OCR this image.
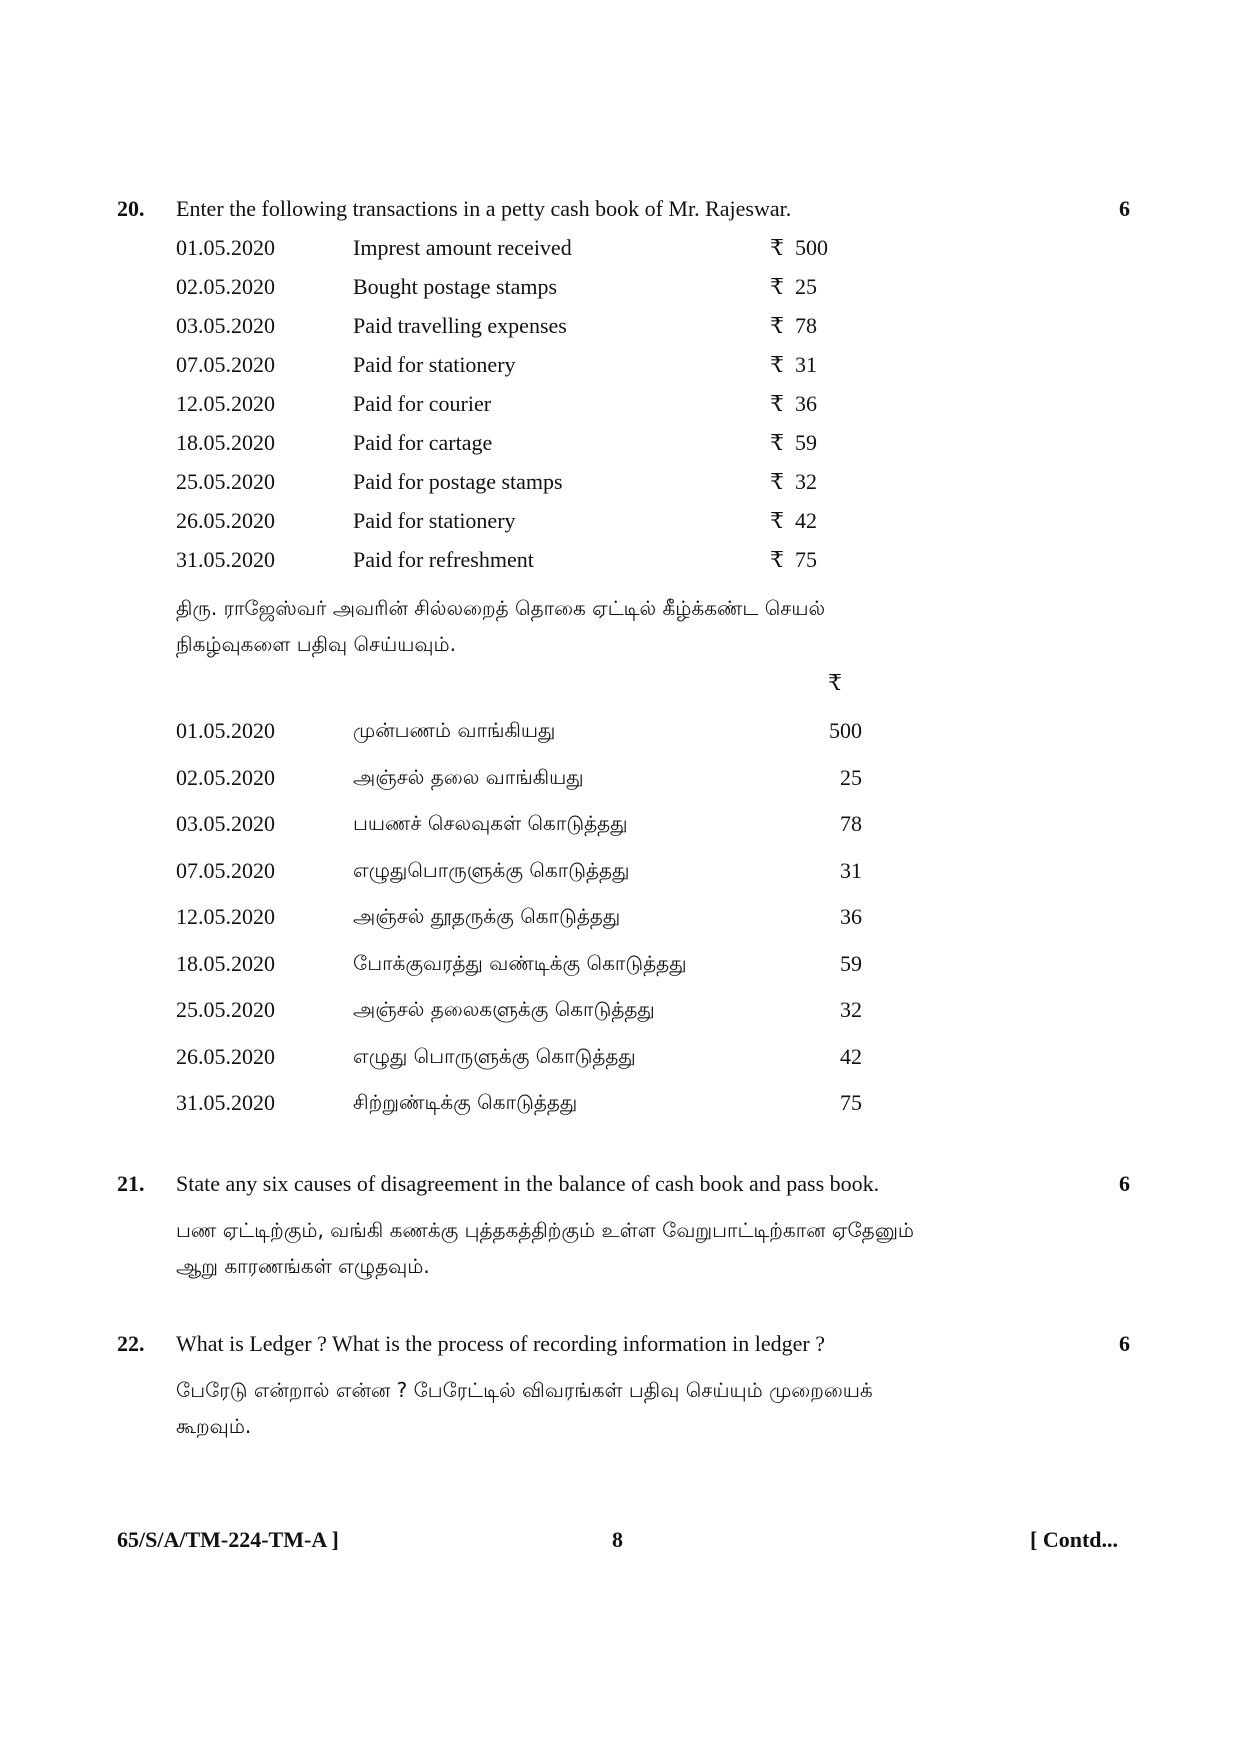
20. Enter the following transactions in a petty cash book of Mr. Rajeswar.	6
01.05.2020	Imprest amount received	₹ 500
02.05.2020	Bought postage stamps	₹ 25
03.05.2020	Paid travelling expenses	₹ 78
07.05.2020	Paid for stationery	₹ 31
12.05.2020	Paid for courier	₹ 36
18.05.2020	Paid for cartage	₹ 59
25.05.2020	Paid for postage stamps	₹ 32
26.05.2020	Paid for stationery	₹ 42
31.05.2020	Paid for refreshment	₹ 75
திரு. ராஜேஸ்வர் அவரின் சில்லறைத் தொகை ஏட்டில் கீழ்க்கண்ட செயல்
நிகழ்வுகளை பதிவு செய்யவும்.
₹
01.05.2020	முன்பணம் வாங்கியது	500
02.05.2020	அஞ்சல் தலை வாங்கியது	25
03.05.2020	பயணச் செலவுகள் கொடுத்தது	78
07.05.2020	எழுதுபொருளுக்கு கொடுத்தது	31
12.05.2020	அஞ்சல் தூதருக்கு கொடுத்தது	36
18.05.2020	போக்குவரத்து வண்டிக்கு கொடுத்தது	59
25.05.2020	அஞ்சல் தலைகளுக்கு கொடுத்தது	32
26.05.2020	எழுது பொருளுக்கு கொடுத்தது	42
31.05.2020	சிற்றுண்டிக்கு கொடுத்தது	75
21. State any six causes of disagreement in the balance of cash book and pass book.	6
பண ஏட்டிற்கும், வங்கி கணக்கு புத்தகத்திற்கும் உள்ள வேறுபாட்டிற்கான ஏதேனும்
ஆறு காரணங்கள் எழுதவும்.
22. What is Ledger ? What is the process of recording information in ledger ?	6
பேரேடு என்றால் என்ன ? பேரேட்டில் விவரங்கள் பதிவு செய்யும் முறையைக்
கூறவும்.
65/S/A/TM-224-TM-A ]	8	[ Contd...
